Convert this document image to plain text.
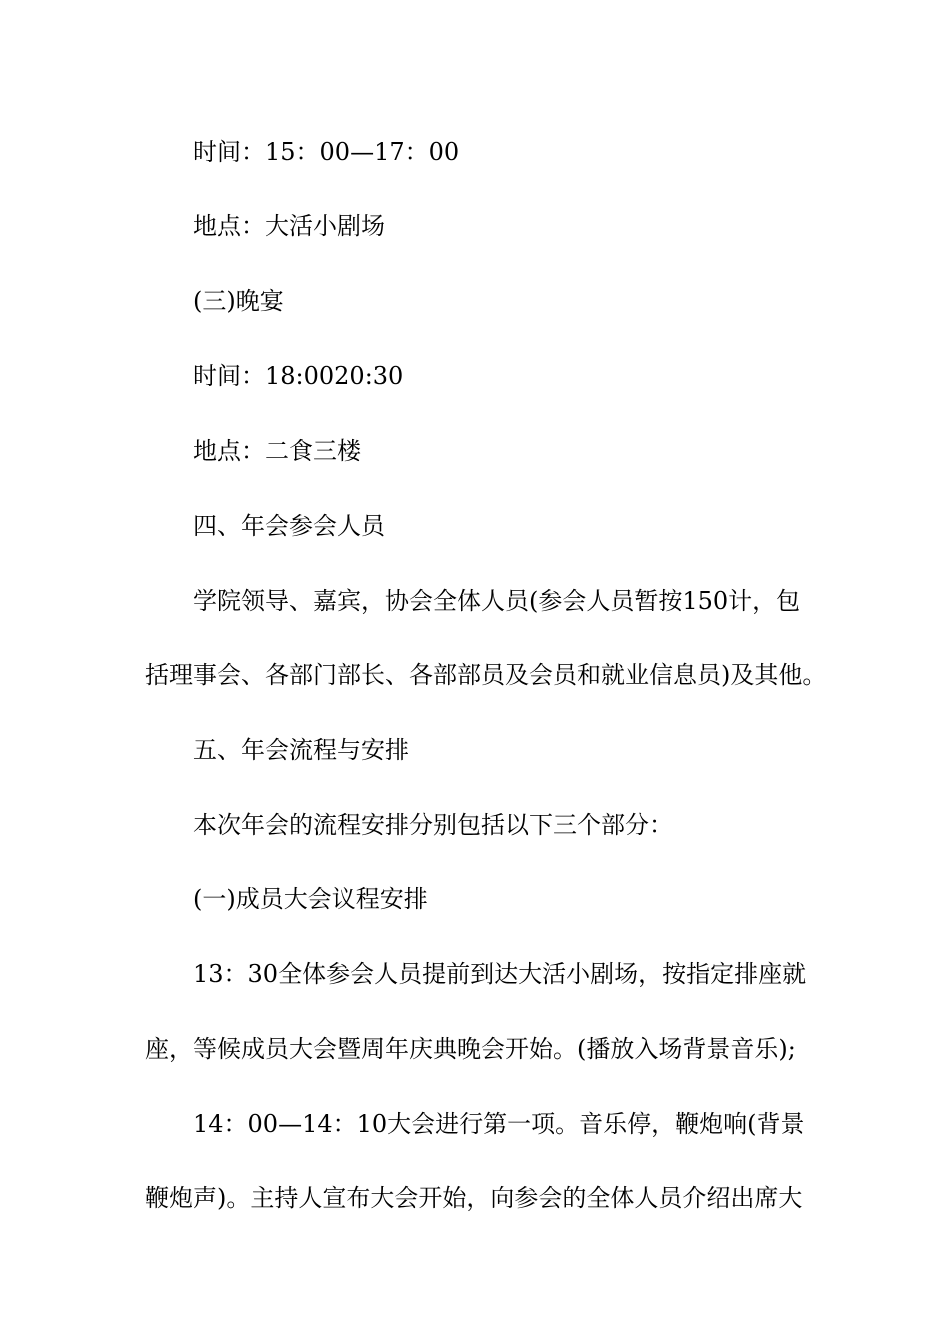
时间：15：00—17：00
地点：大活小剧场
(三)晚宴
时间：18:0020:30
地点：二食三楼
四、年会参会人员
学院领导、嘉宾，协会全体人员(参会人员暂按150计，包
括理事会、各部门部长、各部部员及会员和就业信息员)及其他。
五、年会流程与安排
本次年会的流程安排分别包括以下三个部分：
(一)成员大会议程安排
13：30全体参会人员提前到达大活小剧场，按指定排座就
座，等候成员大会暨周年庆典晚会开始。(播放入场背景音乐);
14：00—14：10大会进行第一项。音乐停，鞭炮响(背景
鞭炮声)。主持人宣布大会开始，向参会的全体人员介绍出席大
